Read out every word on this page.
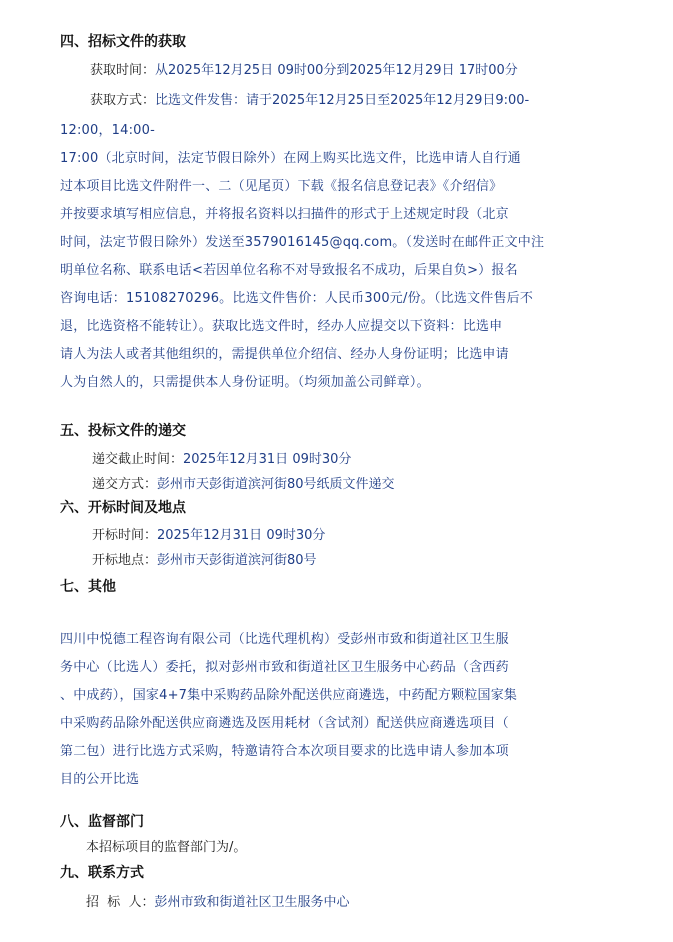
四、招标文件的获取
获取时间：从2025年12月25日 09时00分到2025年12月29日 17时00分
获取方式：比选文件发售：请于2025年12月25日至2025年12月29日9:00-
12:00，14:00-
17:00（北京时间，法定节假日除外）在网上购买比选文件，比选申请人自行通
过本项目比选文件附件一、二（见尾页）下载《报名信息登记表》《介绍信》
并按要求填写相应信息，并将报名资料以扫描件的形式于上述规定时段（北京
时间，法定节假日除外）发送至3579016145@qq.com。（发送时在邮件正文中注
明单位名称、联系电话<若因单位名称不对导致报名不成功，后果自负>）报名
咨询电话：15108270296。比选文件售价：人民币300元/份。（比选文件售后不
退，比选资格不能转让）。获取比选文件时，经办人应提交以下资料：比选申
请人为法人或者其他组织的，需提供单位介绍信、经办人身份证明；比选申请
人为自然人的，只需提供本人身份证明。（均须加盖公司鲜章）。
五、投标文件的递交
递交截止时间：2025年12月31日 09时30分
递交方式：彭州市天彭街道滨河街80号纸质文件递交
六、开标时间及地点
开标时间：2025年12月31日 09时30分
开标地点：彭州市天彭街道滨河街80号
七、其他
四川中悦德工程咨询有限公司（比选代理机构）受彭州市致和街道社区卫生服
务中心（比选人）委托，拟对彭州市致和街道社区卫生服务中心药品（含西药
、中成药），国家4+7集中采购药品除外配送供应商遴选，中药配方颗粒国家集
中采购药品除外配送供应商遴选及医用耗材（含试剂）配送供应商遴选项目（
第二包）进行比选方式采购，特邀请符合本次项目要求的比选申请人参加本项
目的公开比选
八、监督部门
本招标项目的监督部门为/。
九、联系方式
招  标  人：彭州市致和街道社区卫生服务中心
